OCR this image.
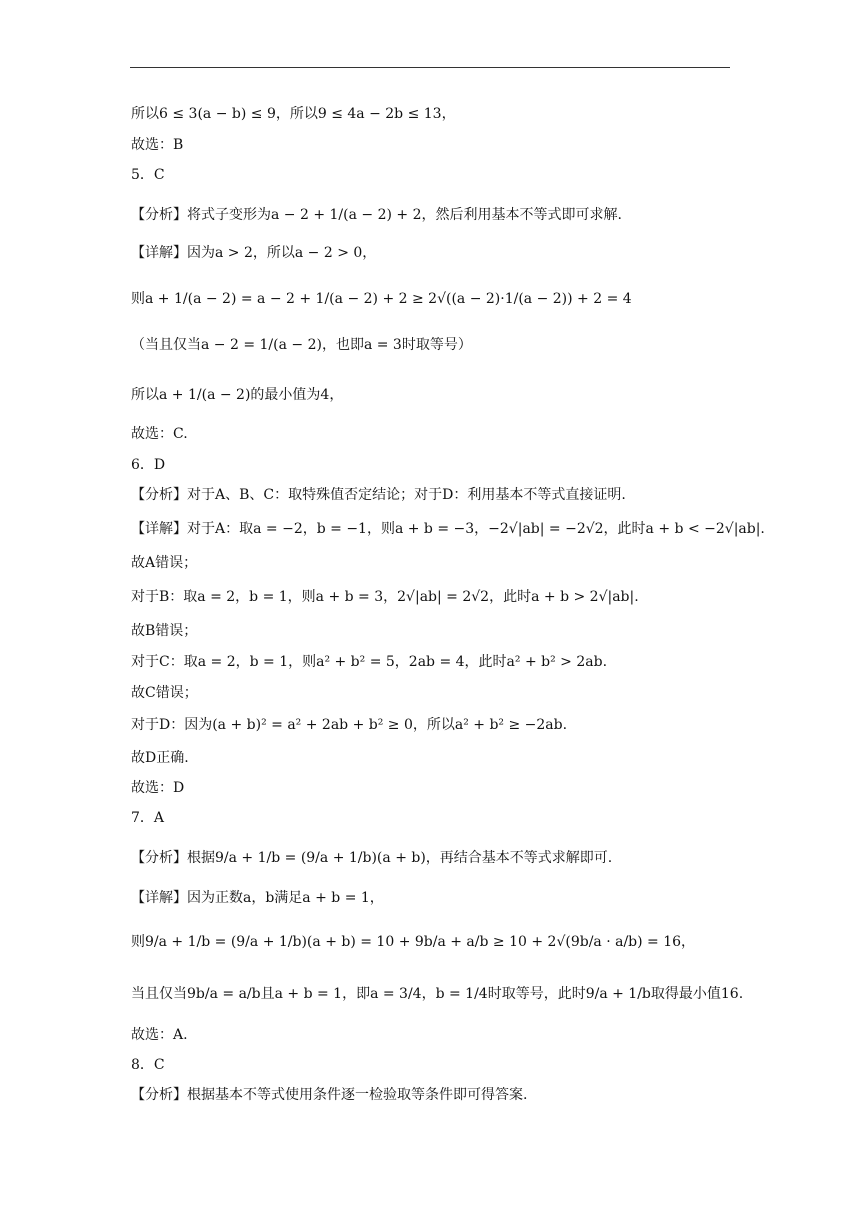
所以6 ≤ 3(a − b) ≤ 9，所以9 ≤ 4a − 2b ≤ 13，
故选：B
5．C
【分析】将式子变形为a − 2 + 1/(a − 2) + 2，然后利用基本不等式即可求解.
【详解】因为a > 2，所以a − 2 > 0，
则a + 1/(a − 2) = a − 2 + 1/(a − 2) + 2 ≥ 2√((a − 2)·1/(a − 2)) + 2 = 4
（当且仅当a − 2 = 1/(a − 2)，也即a = 3时取等号）
所以a + 1/(a − 2)的最小值为4，
故选：C.
6．D
【分析】对于A、B、C：取特殊值否定结论；对于D：利用基本不等式直接证明.
【详解】对于A：取a = −2，b = −1，则a + b = −3，−2√|ab| = −2√2，此时a + b < −2√|ab|.
故A错误；
对于B：取a = 2，b = 1，则a + b = 3，2√|ab| = 2√2，此时a + b > 2√|ab|.
故B错误；
对于C：取a = 2，b = 1，则a² + b² = 5，2ab = 4，此时a² + b² > 2ab.
故C错误；
对于D：因为(a + b)² = a² + 2ab + b² ≥ 0，所以a² + b² ≥ −2ab.
故D正确.
故选：D
7．A
【分析】根据9/a + 1/b = (9/a + 1/b)(a + b)，再结合基本不等式求解即可.
【详解】因为正数a，b满足a + b = 1，
则9/a + 1/b = (9/a + 1/b)(a + b) = 10 + 9b/a + a/b ≥ 10 + 2√(9b/a · a/b) = 16，
当且仅当9b/a = a/b且a + b = 1，即a = 3/4，b = 1/4时取等号，此时9/a + 1/b取得最小值16.
故选：A.
8．C
【分析】根据基本不等式使用条件逐一检验取等条件即可得答案.
